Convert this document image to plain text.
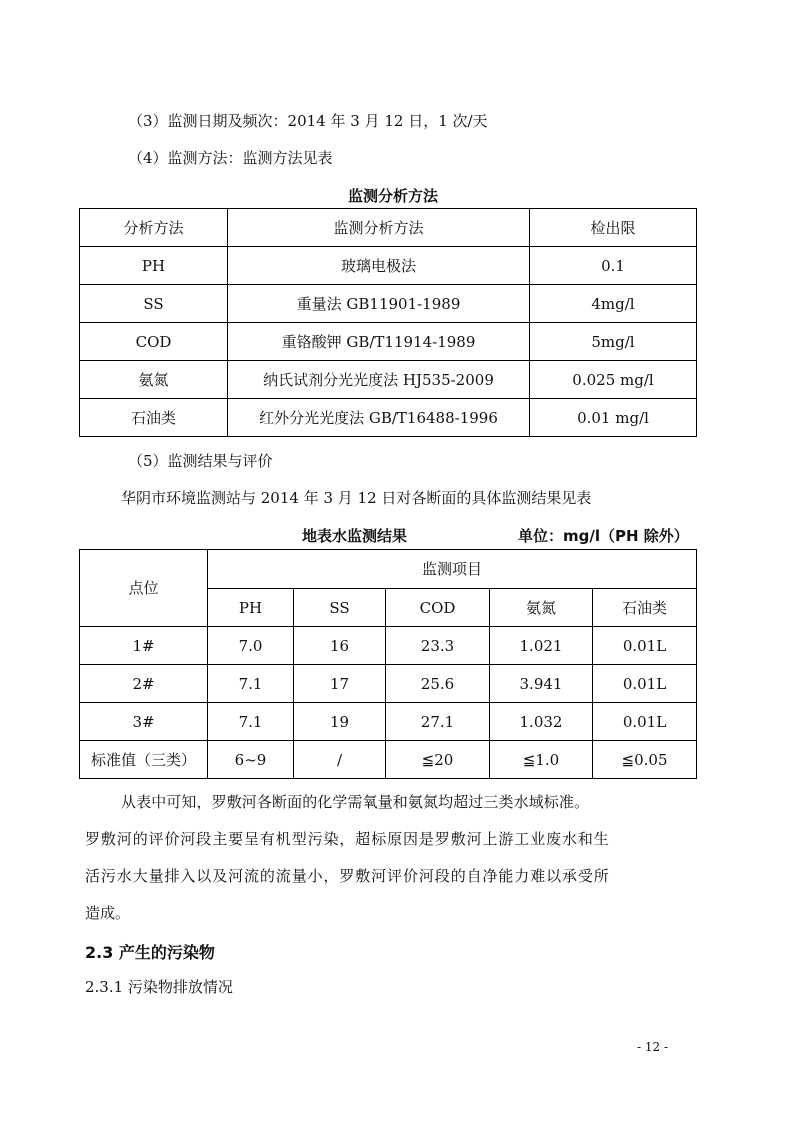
（3）监测日期及频次：2014 年 3 月 12 日，1 次/天
（4）监测方法：监测方法见表
监测分析方法
分析方法	监测分析方法	检出限
PH	玻璃电极法	0.1
SS	重量法 GB11901-1989	4mg/l
COD	重铬酸钾 GB/T11914-1989	5mg/l
氨氮	纳氏试剂分光光度法 HJ535-2009	0.025 mg/l
石油类	红外分光光度法 GB/T16488-1996	0.01 mg/l
（5）监测结果与评价
华阴市环境监测站与 2014 年 3 月 12 日对各断面的具体监测结果见表
地表水监测结果	单位：mg/l（PH 除外）
点位	监测项目				
	PH	SS	COD	氨氮	石油类
1#	7.0	16	23.3	1.021	0.01L
2#	7.1	17	25.6	3.941	0.01L
3#	7.1	19	27.1	1.032	0.01L
标准值（三类）	6~9	/	≦20	≦1.0	≦0.05
从表中可知，罗敷河各断面的化学需氧量和氨氮均超过三类水域标准。
罗敷河的评价河段主要呈有机型污染，超标原因是罗敷河上游工业废水和生
活污水大量排入以及河流的流量小，罗敷河评价河段的自净能力难以承受所
造成。
2.3 产生的污染物
2.3.1 污染物排放情况
- 12 -
